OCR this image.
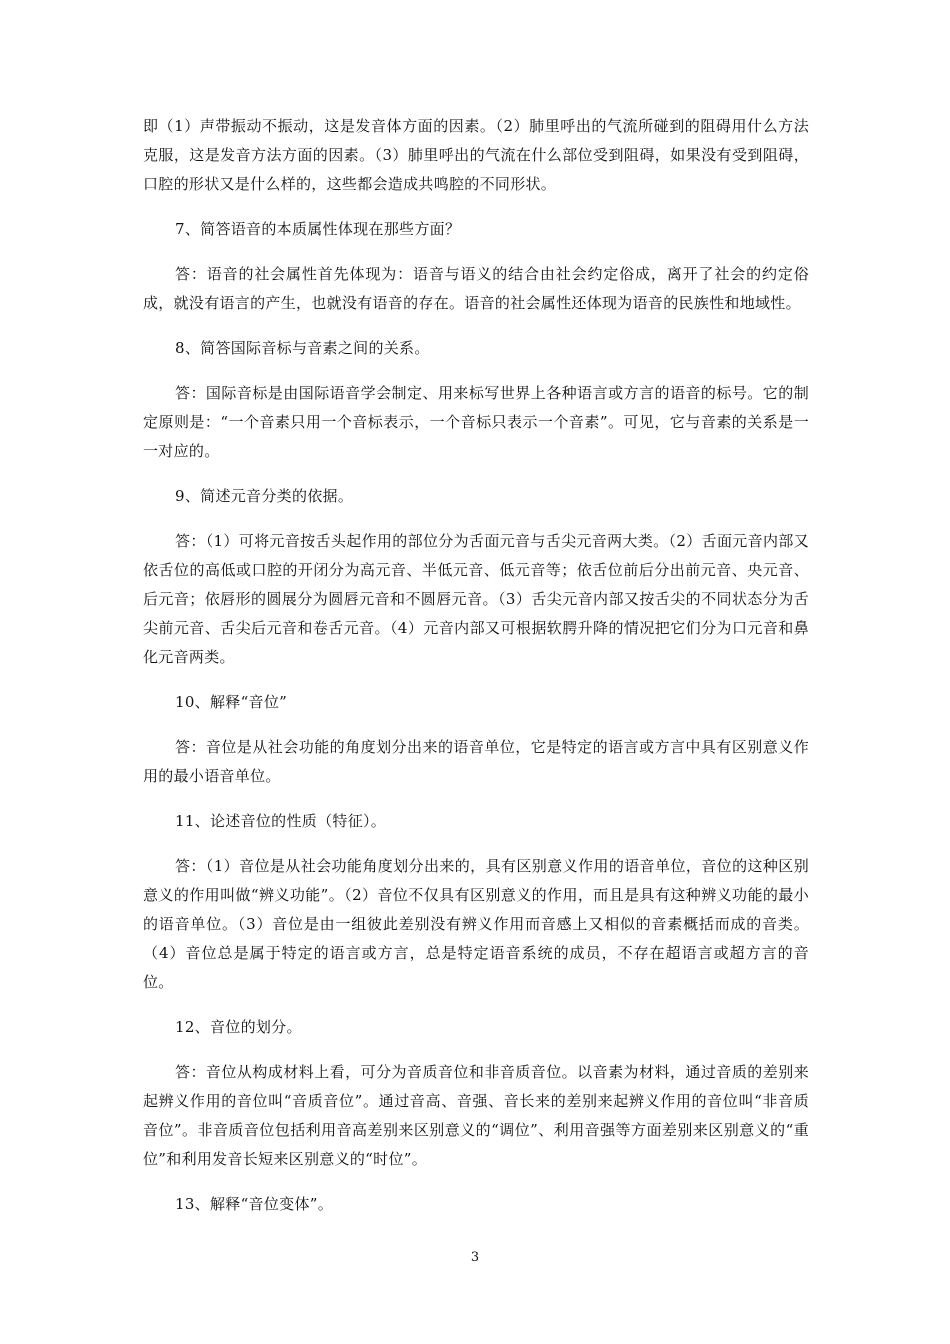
即（1）声带振动不振动，这是发音体方面的因素。（2）肺里呼出的气流所碰到的阻碍用什么方法克服，这是发音方法方面的因素。（3）肺里呼出的气流在什么部位受到阻碍，如果没有受到阻碍，口腔的形状又是什么样的，这些都会造成共鸣腔的不同形状。

7、简答语音的本质属性体现在那些方面？

答：语音的社会属性首先体现为：语音与语义的结合由社会约定俗成，离开了社会的约定俗成，就没有语言的产生，也就没有语音的存在。语音的社会属性还体现为语音的民族性和地域性。

8、简答国际音标与音素之间的关系。

答：国际音标是由国际语音学会制定、用来标写世界上各种语言或方言的语音的标号。它的制定原则是：“一个音素只用一个音标表示，一个音标只表示一个音素”。可见，它与音素的关系是一一对应的。

9、简述元音分类的依据。

答：（1）可将元音按舌头起作用的部位分为舌面元音与舌尖元音两大类。（2）舌面元音内部又依舌位的高低或口腔的开闭分为高元音、半低元音、低元音等；依舌位前后分出前元音、央元音、后元音；依唇形的圆展分为圆唇元音和不圆唇元音。（3）舌尖元音内部又按舌尖的不同状态分为舌尖前元音、舌尖后元音和卷舌元音。（4）元音内部又可根据软腭升降的情况把它们分为口元音和鼻化元音两类。

10、解释“音位”

答：音位是从社会功能的角度划分出来的语音单位，它是特定的语言或方言中具有区别意义作用的最小语音单位。

11、论述音位的性质（特征）。

答：（1）音位是从社会功能角度划分出来的，具有区别意义作用的语音单位，音位的这种区别意义的作用叫做“辨义功能”。（2）音位不仅具有区别意义的作用，而且是具有这种辨义功能的最小的语音单位。（3）音位是由一组彼此差别没有辨义作用而音感上又相似的音素概括而成的音类。（4）音位总是属于特定的语言或方言，总是特定语音系统的成员，不存在超语言或超方言的音位。

12、音位的划分。

答：音位从构成材料上看，可分为音质音位和非音质音位。以音素为材料，通过音质的差别来起辨义作用的音位叫“音质音位”。通过音高、音强、音长来的差别来起辨义作用的音位叫“非音质音位”。非音质音位包括利用音高差别来区别意义的“调位”、利用音强等方面差别来区别意义的“重位”和利用发音长短来区别意义的“时位”。

13、解释“音位变体”。

3
